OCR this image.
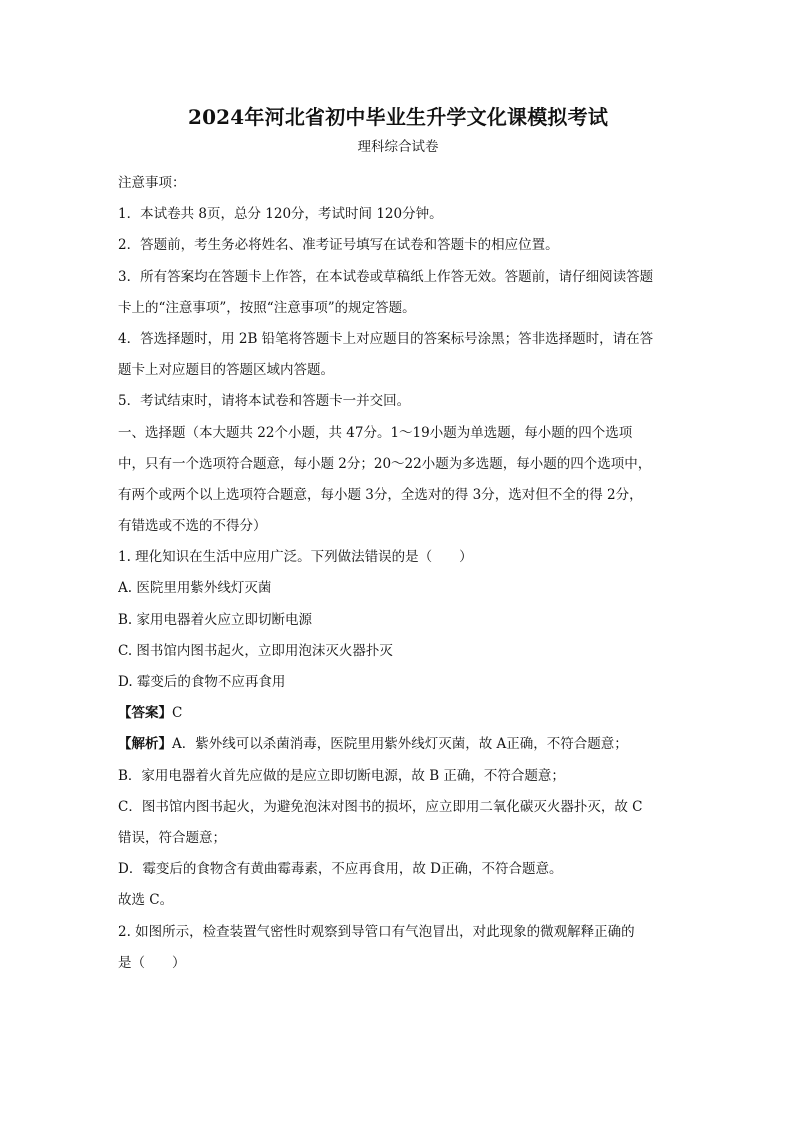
2024年河北省初中毕业生升学文化课模拟考试
理科综合试卷
注意事项：
1．本试卷共 8页，总分 120分，考试时间 120分钟。
2．答题前，考生务必将姓名、准考证号填写在试卷和答题卡的相应位置。
3．所有答案均在答题卡上作答，在本试卷或草稿纸上作答无效。答题前，请仔细阅读答题
卡上的“注意事项”，按照“注意事项”的规定答题。
4．答选择题时，用 2B 铅笔将答题卡上对应题目的答案标号涂黑；答非选择题时，请在答
题卡上对应题目的答题区域内答题。
5．考试结束时，请将本试卷和答题卡一并交回。
一、选择题（本大题共 22个小题，共 47分。1～19小题为单选题，每小题的四个选项
中，只有一个选项符合题意，每小题 2分；20～22小题为多选题，每小题的四个选项中，
有两个或两个以上选项符合题意，每小题 3分，全选对的得 3分，选对但不全的得 2分，
有错选或不选的不得分）
1. 理化知识在生活中应用广泛。下列做法错误的是（　　）
A. 医院里用紫外线灯灭菌
B. 家用电器着火应立即切断电源
C. 图书馆内图书起火，立即用泡沫灭火器扑灭
D. 霉变后的食物不应再食用
【答案】C
【解析】A．紫外线可以杀菌消毒，医院里用紫外线灯灭菌，故 A正确，不符合题意；
B．家用电器着火首先应做的是应立即切断电源，故 B 正确，不符合题意；
C．图书馆内图书起火，为避免泡沫对图书的损坏，应立即用二氧化碳灭火器扑灭，故 C
错误，符合题意；
D．霉变后的食物含有黄曲霉毒素，不应再食用，故 D正确，不符合题意。
故选 C。
2. 如图所示，检查装置气密性时观察到导管口有气泡冒出，对此现象的微观解释正确的
是（　　）
